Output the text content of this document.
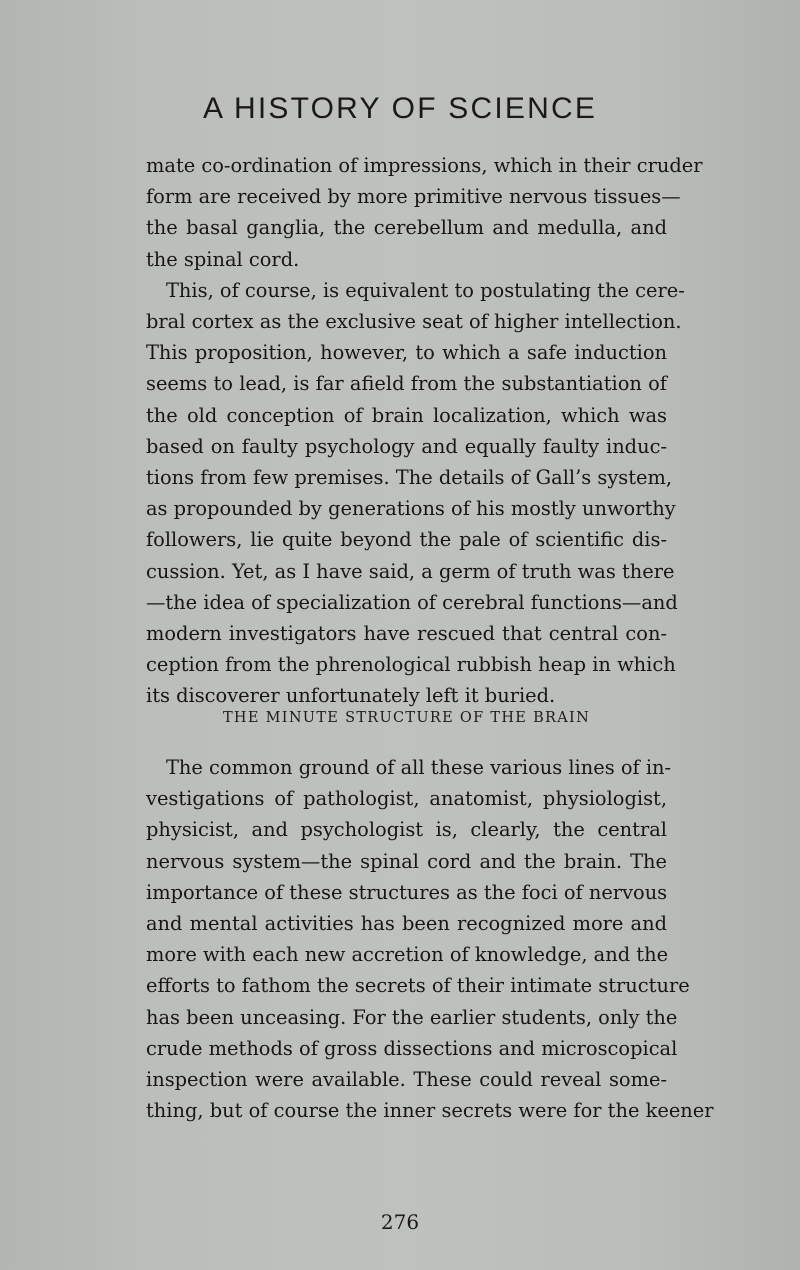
A HISTORY OF SCIENCE
mate co-ordination of impressions, which in their cruder
form are received by more primitive nervous tissues—
the basal ganglia, the cerebellum and medulla, and
the spinal cord.
This, of course, is equivalent to postulating the cere-
bral cortex as the exclusive seat of higher intellection.
This proposition, however, to which a safe induction
seems to lead, is far afield from the substantiation of
the old conception of brain localization, which was
based on faulty psychology and equally faulty induc-
tions from few premises. The details of Gall’s system,
as propounded by generations of his mostly unworthy
followers, lie quite beyond the pale of scientific dis-
cussion. Yet, as I have said, a germ of truth was there
—the idea of specialization of cerebral functions—and
modern investigators have rescued that central con-
ception from the phrenological rubbish heap in which
its discoverer unfortunately left it buried.
THE MINUTE STRUCTURE OF THE BRAIN
The common ground of all these various lines of in-
vestigations of pathologist, anatomist, physiologist,
physicist, and psychologist is, clearly, the central
nervous system—the spinal cord and the brain. The
importance of these structures as the foci of nervous
and mental activities has been recognized more and
more with each new accretion of knowledge, and the
efforts to fathom the secrets of their intimate structure
has been unceasing. For the earlier students, only the
crude methods of gross dissections and microscopical
inspection were available. These could reveal some-
thing, but of course the inner secrets were for the keener
276
